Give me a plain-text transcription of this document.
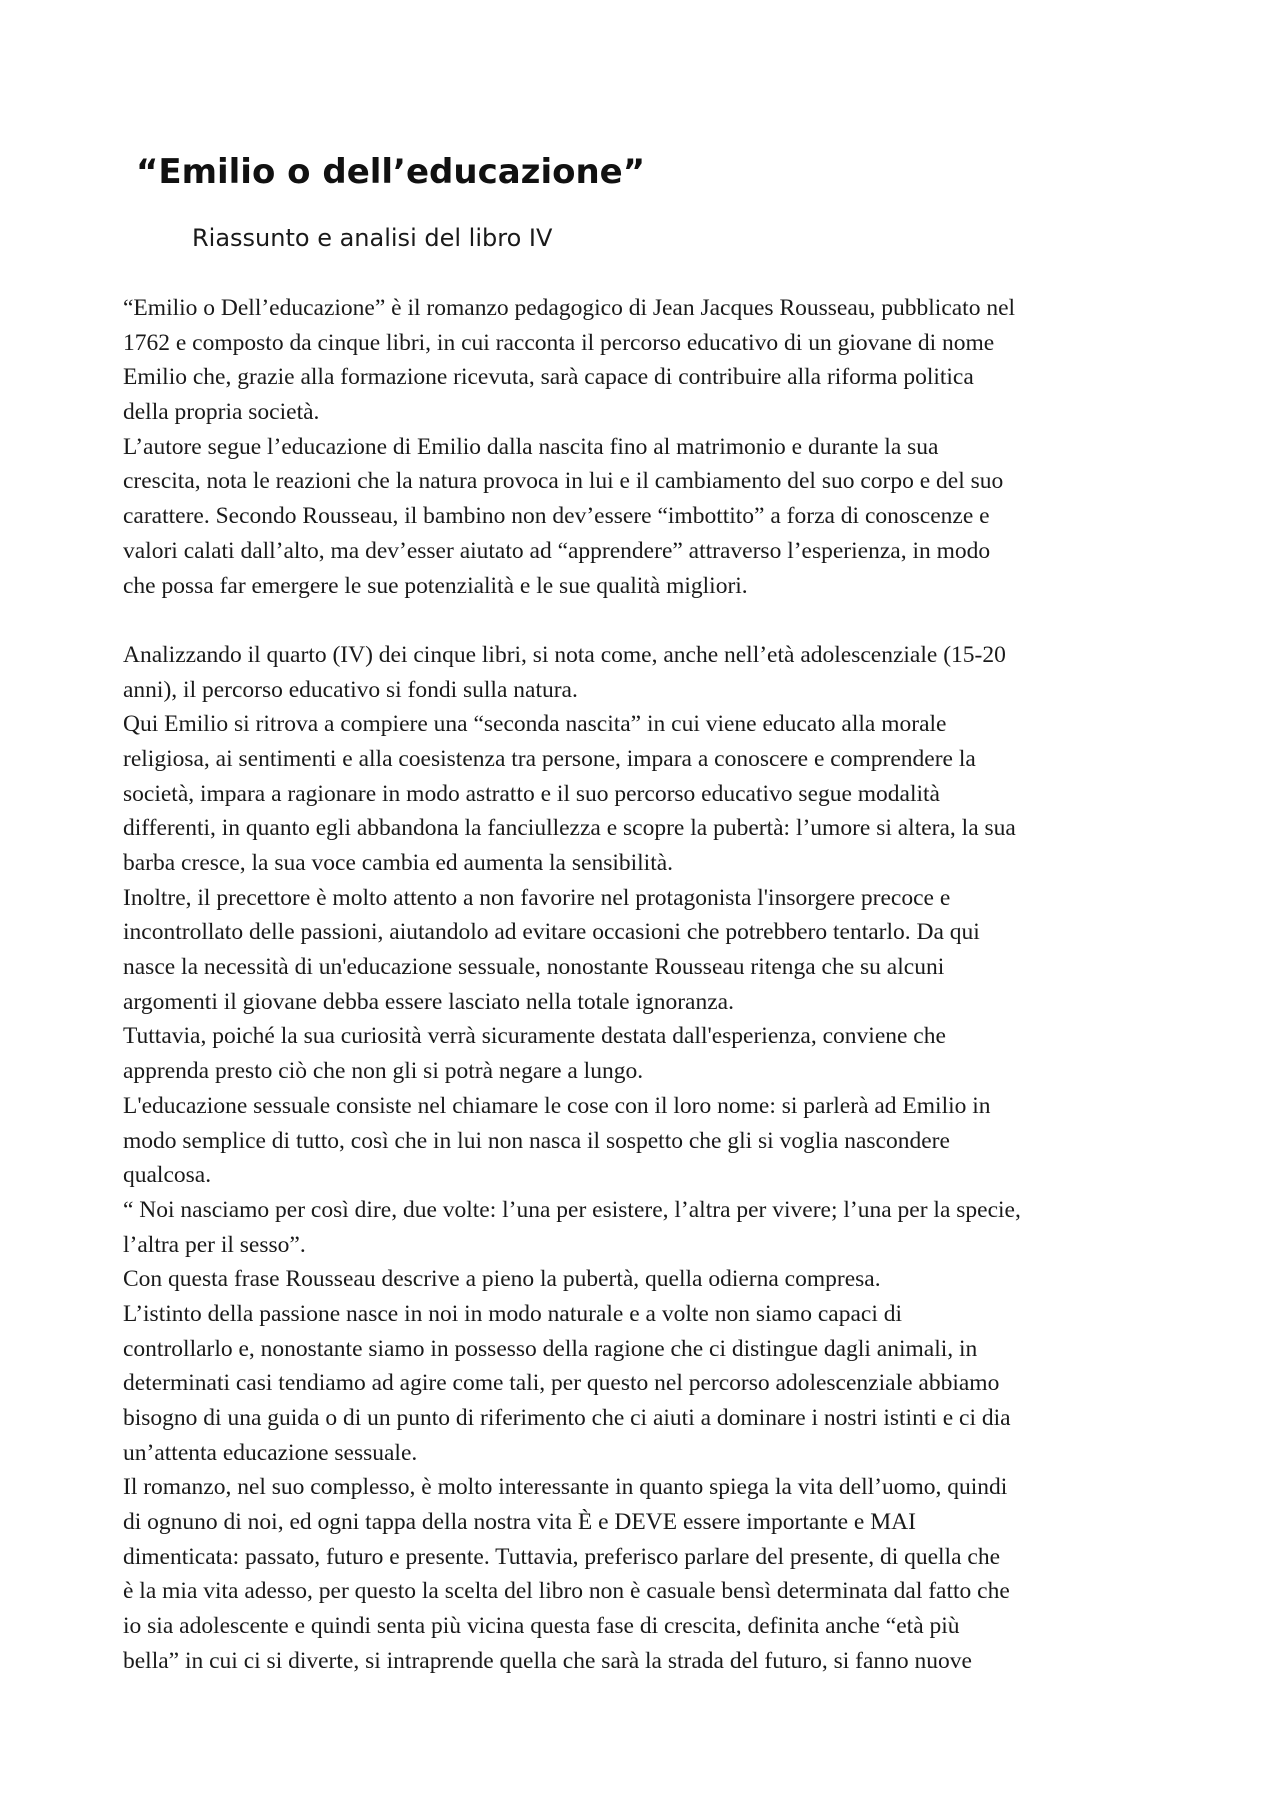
“Emilio o dell’educazione”
Riassunto e analisi del libro IV
“Emilio o Dell’educazione” è il romanzo pedagogico di Jean Jacques Rousseau, pubblicato nel
1762 e composto da cinque libri, in cui racconta il percorso educativo di un giovane di nome
Emilio che, grazie alla formazione ricevuta, sarà capace di contribuire alla riforma politica
della propria società.
L’autore segue l’educazione di Emilio dalla nascita fino al matrimonio e durante la sua
crescita, nota le reazioni che la natura provoca in lui e il cambiamento del suo corpo e del suo
carattere. Secondo Rousseau, il bambino non dev’essere “imbottito” a forza di conoscenze e
valori calati dall’alto, ma dev’esser aiutato ad “apprendere” attraverso l’esperienza, in modo
che possa far emergere le sue potenzialità e le sue qualità migliori.
Analizzando il quarto (IV) dei cinque libri, si nota come, anche nell’età adolescenziale (15-20
anni), il percorso educativo si fondi sulla natura.
Qui Emilio si ritrova a compiere una “seconda nascita” in cui viene educato alla morale
religiosa, ai sentimenti e alla coesistenza tra persone, impara a conoscere e comprendere la
società, impara a ragionare in modo astratto e il suo percorso educativo segue modalità
differenti, in quanto egli abbandona la fanciullezza e scopre la pubertà: l’umore si altera, la sua
barba cresce, la sua voce cambia ed aumenta la sensibilità.
Inoltre, il precettore è molto attento a non favorire nel protagonista l'insorgere precoce e
incontrollato delle passioni, aiutandolo ad evitare occasioni che potrebbero tentarlo. Da qui
nasce la necessità di un'educazione sessuale, nonostante Rousseau ritenga che su alcuni
argomenti il giovane debba essere lasciato nella totale ignoranza.
Tuttavia, poiché la sua curiosità verrà sicuramente destata dall'esperienza, conviene che
apprenda presto ciò che non gli si potrà negare a lungo.
L'educazione sessuale consiste nel chiamare le cose con il loro nome: si parlerà ad Emilio in
modo semplice di tutto, così che in lui non nasca il sospetto che gli si voglia nascondere
qualcosa.
“ Noi nasciamo per così dire, due volte: l’una per esistere, l’altra per vivere; l’una per la specie,
l’altra per il sesso”.
Con questa frase Rousseau descrive a pieno la pubertà, quella odierna compresa.
L’istinto della passione nasce in noi in modo naturale e a volte non siamo capaci di
controllarlo e, nonostante siamo in possesso della ragione che ci distingue dagli animali, in
determinati casi tendiamo ad agire come tali, per questo nel percorso adolescenziale abbiamo
bisogno di una guida o di un punto di riferimento che ci aiuti a dominare i nostri istinti e ci dia
un’attenta educazione sessuale.
Il romanzo, nel suo complesso, è molto interessante in quanto spiega la vita dell’uomo, quindi
di ognuno di noi, ed ogni tappa della nostra vita È e DEVE essere importante e MAI
dimenticata: passato, futuro e presente. Tuttavia, preferisco parlare del presente, di quella che
è la mia vita adesso, per questo la scelta del libro non è casuale bensì determinata dal fatto che
io sia adolescente e quindi senta più vicina questa fase di crescita, definita anche “età più
bella” in cui ci si diverte, si intraprende quella che sarà la strada del futuro, si fanno nuove
